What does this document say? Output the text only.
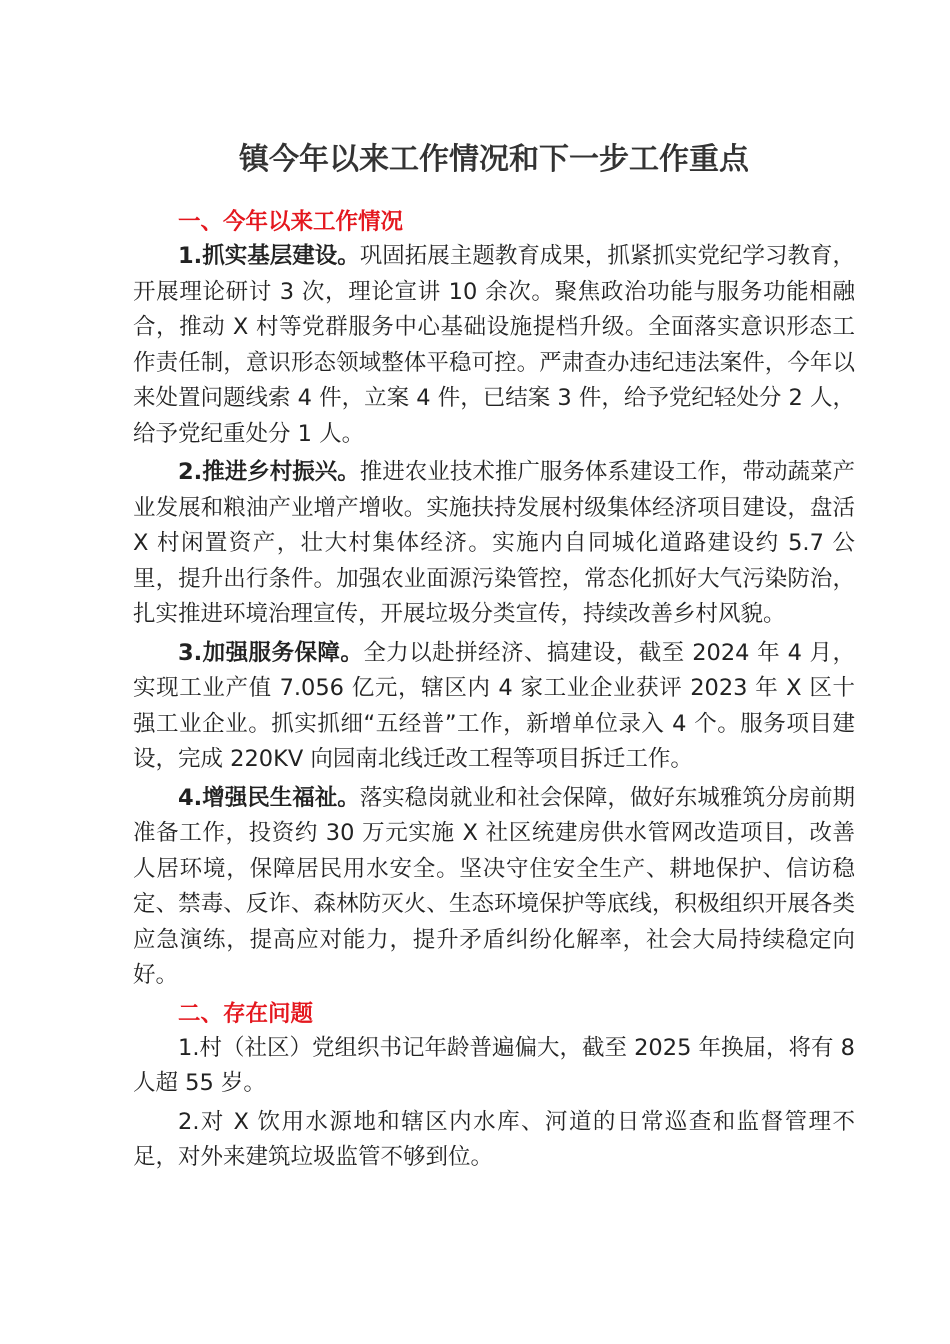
镇今年以来工作情况和下一步工作重点
一、今年以来工作情况

1.抓实基层建设。巩固拓展主题教育成果，抓紧抓实党纪学习教育，开展理论研讨 3 次，理论宣讲 10 余次。聚焦政治功能与服务功能相融合，推动 X 村等党群服务中心基础设施提档升级。全面落实意识形态工作责任制，意识形态领域整体平稳可控。严肃查办违纪违法案件，今年以来处置问题线索 4 件，立案 4 件，已结案 3 件，给予党纪轻处分 2 人，给予党纪重处分 1 人。

2.推进乡村振兴。推进农业技术推广服务体系建设工作，带动蔬菜产业发展和粮油产业增产增收。实施扶持发展村级集体经济项目建设，盘活 X 村闲置资产，壮大村集体经济。实施内自同城化道路建设约 5.7 公里，提升出行条件。加强农业面源污染管控，常态化抓好大气污染防治，扎实推进环境治理宣传，开展垃圾分类宣传，持续改善乡村风貌。

3.加强服务保障。全力以赴拼经济、搞建设，截至 2024 年 4 月，实现工业产值 7.056 亿元，辖区内 4 家工业企业获评 2023 年 X 区十强工业企业。抓实抓细“五经普”工作，新增单位录入 4 个。服务项目建设，完成 220KV 向园南北线迁改工程等项目拆迁工作。

4.增强民生福祉。落实稳岗就业和社会保障，做好东城雅筑分房前期准备工作，投资约 30 万元实施 X 社区统建房供水管网改造项目，改善人居环境，保障居民用水安全。坚决守住安全生产、耕地保护、信访稳定、禁毒、反诈、森林防灭火、生态环境保护等底线，积极组织开展各类应急演练，提高应对能力，提升矛盾纠纷化解率，社会大局持续稳定向好。

二、存在问题

1.村（社区）党组织书记年龄普遍偏大，截至 2025 年换届，将有 8 人超 55 岁。

2.对 X 饮用水源地和辖区内水库、河道的日常巡查和监督管理不足，对外来建筑垃圾监管不够到位。
